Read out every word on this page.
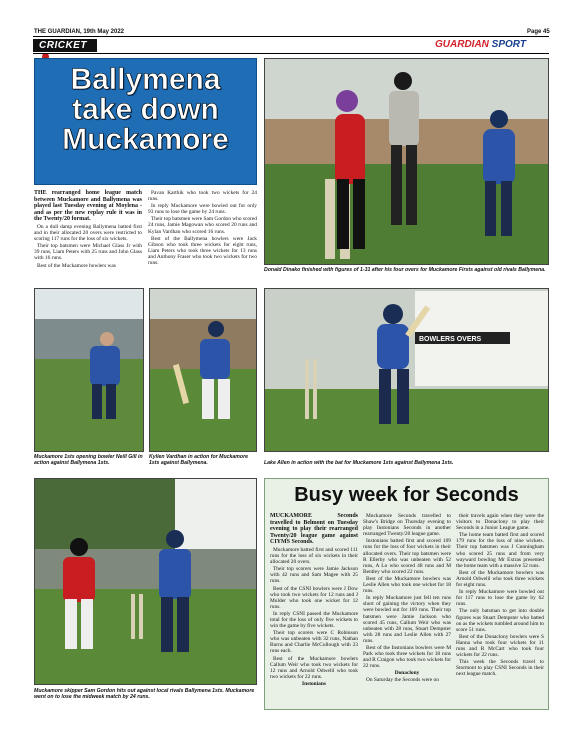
THE GUARDIAN, 19th May 2022	Page 45
CRICKET	GUARDIAN SPORT
Ballymena
take down
Muckamore

THE rearranged home league match between Muckamore and Ballymena was played last Tuesday evening at Moylena - and as per the new replay rule it was in the Twenty/20 format.

On a dull damp evening Ballymena batted first and in their allocated 20 overs were restricted to scoring 117 runs for the loss of six wickets.

Their top batsmen were Michael Glass Jr with 39 runs, Liam Peters with 25 runs and John Glass with 16 runs.

Best of the Muckamore bowlers was

Pavan Karthik who took two wickets for 24 runs.

In reply Muckamore were bowled out for only 93 runs to lose the game by 24 runs.

Their top batsmen were Sam Gordon who scored 24 runs, Jamie Magowan who scored 20 runs and Kylan Vardhan who scored 16 runs.

Best of the Ballymena bowlers were Jack Gibson who took three wickets for eight runs, Liam Peters who took three wickets for 13 runs and Anthony Fraser who took two wickets for two runs.

Donald Dinako finished with figures of 1-31 after his four overs for Muckamore Firsts against old rivals Ballymena.
BOWLERS OVERS
Muckamore 1sts opening bowler Neill Gill in action against Ballymena 1sts.
Kylien Vardhan in action for Muckamore 1sts against Ballymena.	Lake Allen in action with the bat for Muckamore 1sts against Ballymena 1sts.
Muckamore skipper Sam Gordon hits out against local rivals Ballymena 1sts. Muckamore went on to lose the midweek match by 24 runs.
Busy week for Seconds

MUCKAMORE Seconds travelled to Belmont on Tuesday evening to play their rearranged Twenty/20 league game against CIYMS Seconds.

Muckamore batted first and scored 111 runs for the loss of six wickets in their allocated 20 overs.

Their top scorers were Jamie Jackson with 42 runs and Sam Magee with 25 runs.

Best of the CSNI bowlers were J Dow who took two wickets for 12 runs and J Mulder who took one wicket for 12 runs.

In reply CSNI passed the Muckamore total for the loss of only five wickets to win the game by five wickets.

Their top scorers were C Robinson who was unbeaten with 32 runs, Nathan Burns and Charlie McCullough with 23 runs each.

Best of the Muckamore bowlers Callum Weir who took two wickets for 12 runs and Arnold Odwelil who took two wickets for 22 runs.

Instonians

Muckamore Seconds travelled to Shaw's Bridge on Thursday evening to play Instonians Seconds in another rearranged Twenty/20 league game.

Instonians batted first and scored 109 runs for the loss of four wickets in their allocated overs. Their top batsmen were R Ellerby who was unbeaten with 52 runs, A Lo who scored 48 runs and M Bentley who scored 22 runs.

Best of the Muckamore bowlers was Leslie Allen who took one wicket for 18 runs.

In reply Muckamore just fell ten runs short of gaining the victory when they were bowled out for 169 runs. Their top batsmen were Jamie Jackson who scored 45 runs, Callum Weir who was unbeaten with 28 runs, Stuart Dempster with 28 runs and Leslie Allen with 27 runs.

Best of the Instonians bowlers were M Park who took three wickets for 18 runs and R Craigon who took two wickets for 22 runs.

Donaclony

On Saturday the Seconds were on

their travels again when they were the visitors to Donaclony to play their Seconds in a Junior League game.

The home team batted first and scored 179 runs for the loss of nine wickets. Their top batsmen was J Cunningham who scored 25 runs and from very wayward bowling Mr Extras presented the home team with a massive 52 runs.

Best of the Muckamore bowlers was Arnold Odwelil who took three wickets for eight runs.

In reply Muckamore were bowled out for 117 runs to lose the game by 62 runs.

The only batsman to get into double figures was Stuart Dempster who batted on as the wickets tumbled around him to score 51 runs.

Best of the Donaclony bowlers were S Hanna who took four wickets for 11 runs and R McCart who took four wickets for 22 runs.

This week the Seconds travel to Stormont to play CSNI Seconds in their next league match.
